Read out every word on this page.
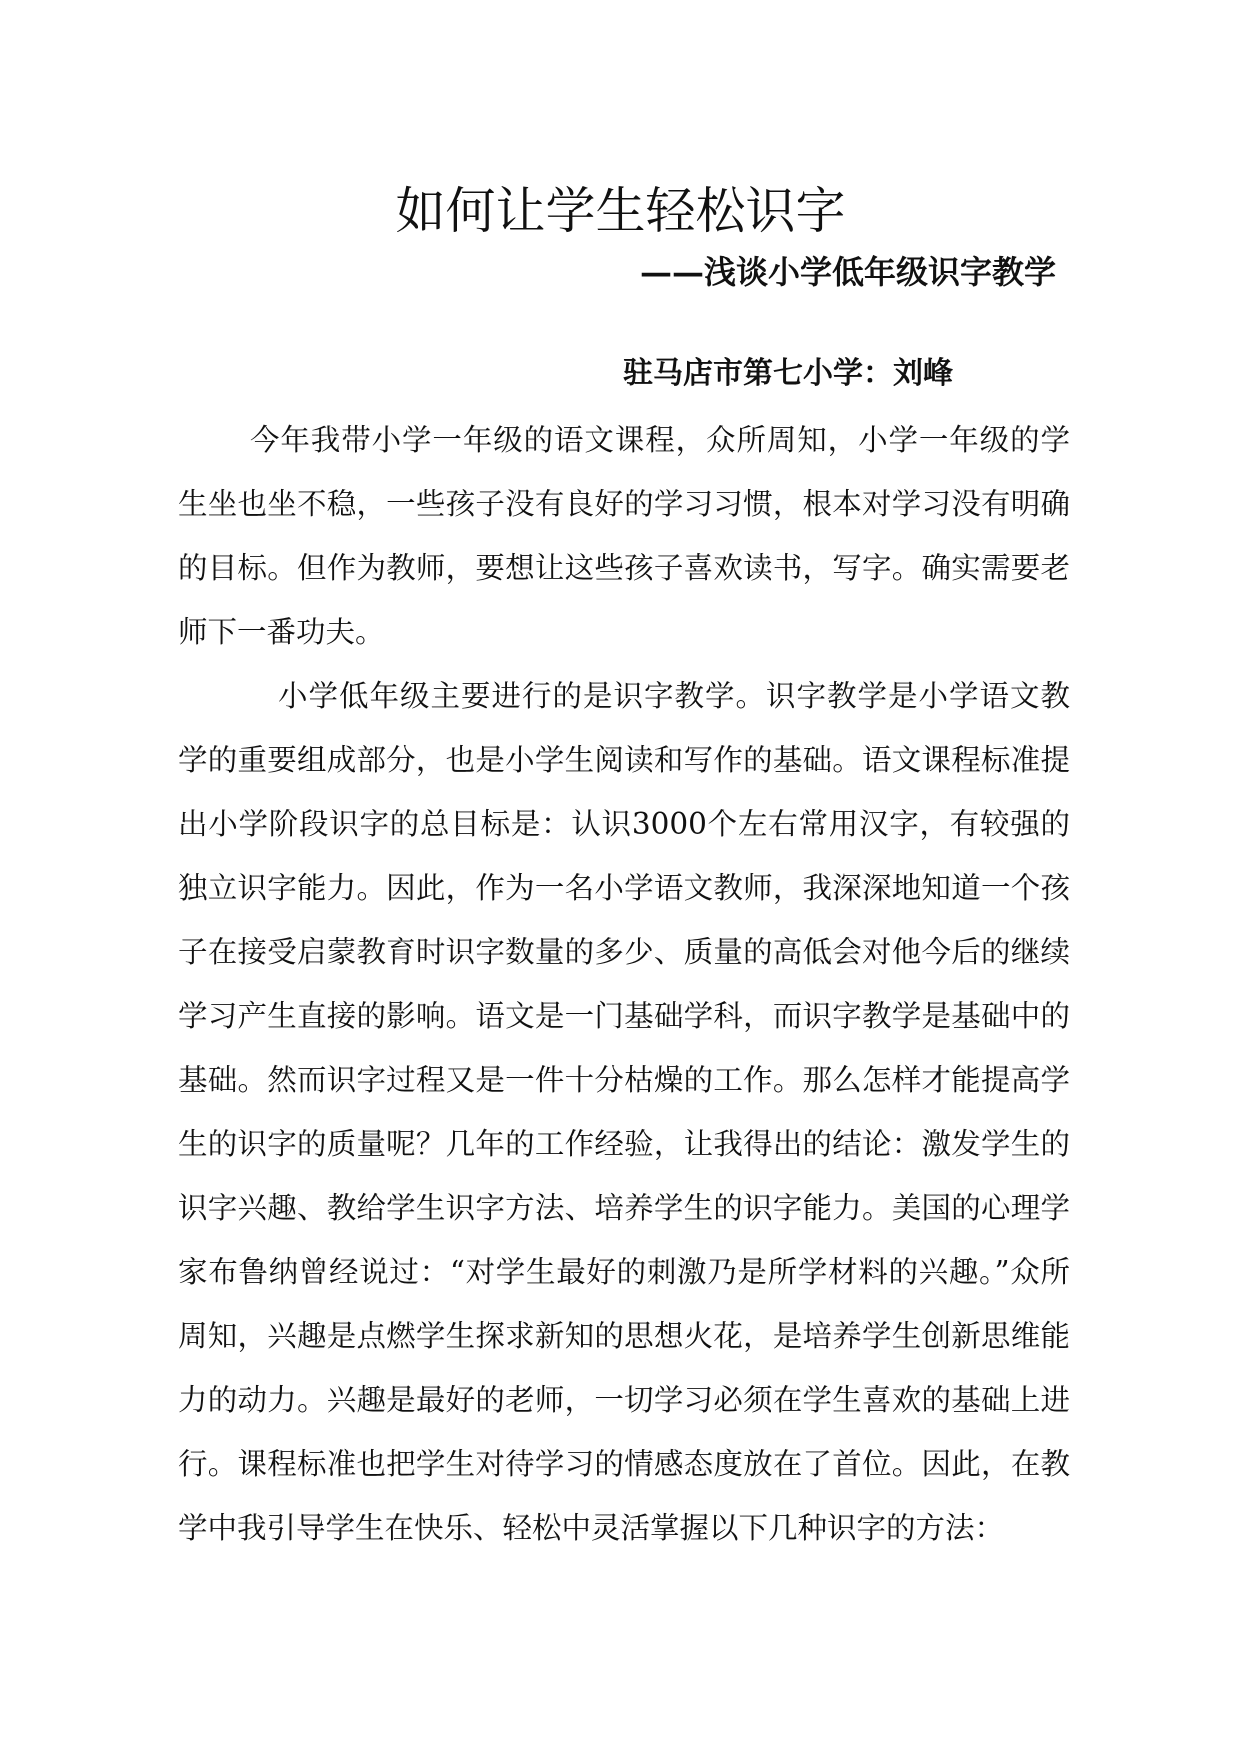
如何让学生轻松识字
——浅谈小学低年级识字教学

驻马店市第七小学：刘峰

今年我带小学一年级的语文课程，众所周知，小学一年级的学生坐也坐不稳，一些孩子没有良好的学习习惯，根本对学习没有明确的目标。但作为教师，要想让这些孩子喜欢读书，写字。确实需要老师下一番功夫。

小学低年级主要进行的是识字教学。识字教学是小学语文教学的重要组成部分，也是小学生阅读和写作的基础。语文课程标准提出小学阶段识字的总目标是：认识3000个左右常用汉字，有较强的独立识字能力。因此，作为一名小学语文教师，我深深地知道一个孩子在接受启蒙教育时识字数量的多少、质量的高低会对他今后的继续学习产生直接的影响。语文是一门基础学科，而识字教学是基础中的基础。然而识字过程又是一件十分枯燥的工作。那么怎样才能提高学生的识字的质量呢？几年的工作经验，让我得出的结论：激发学生的识字兴趣、教给学生识字方法、培养学生的识字能力。美国的心理学家布鲁纳曾经说过：“对学生最好的刺激乃是所学材料的兴趣。”众所周知，兴趣是点燃学生探求新知的思想火花，是培养学生创新思维能力的动力。兴趣是最好的老师，一切学习必须在学生喜欢的基础上进行。课程标准也把学生对待学习的情感态度放在了首位。因此，在教学中我引导学生在快乐、轻松中灵活掌握以下几种识字的方法：
